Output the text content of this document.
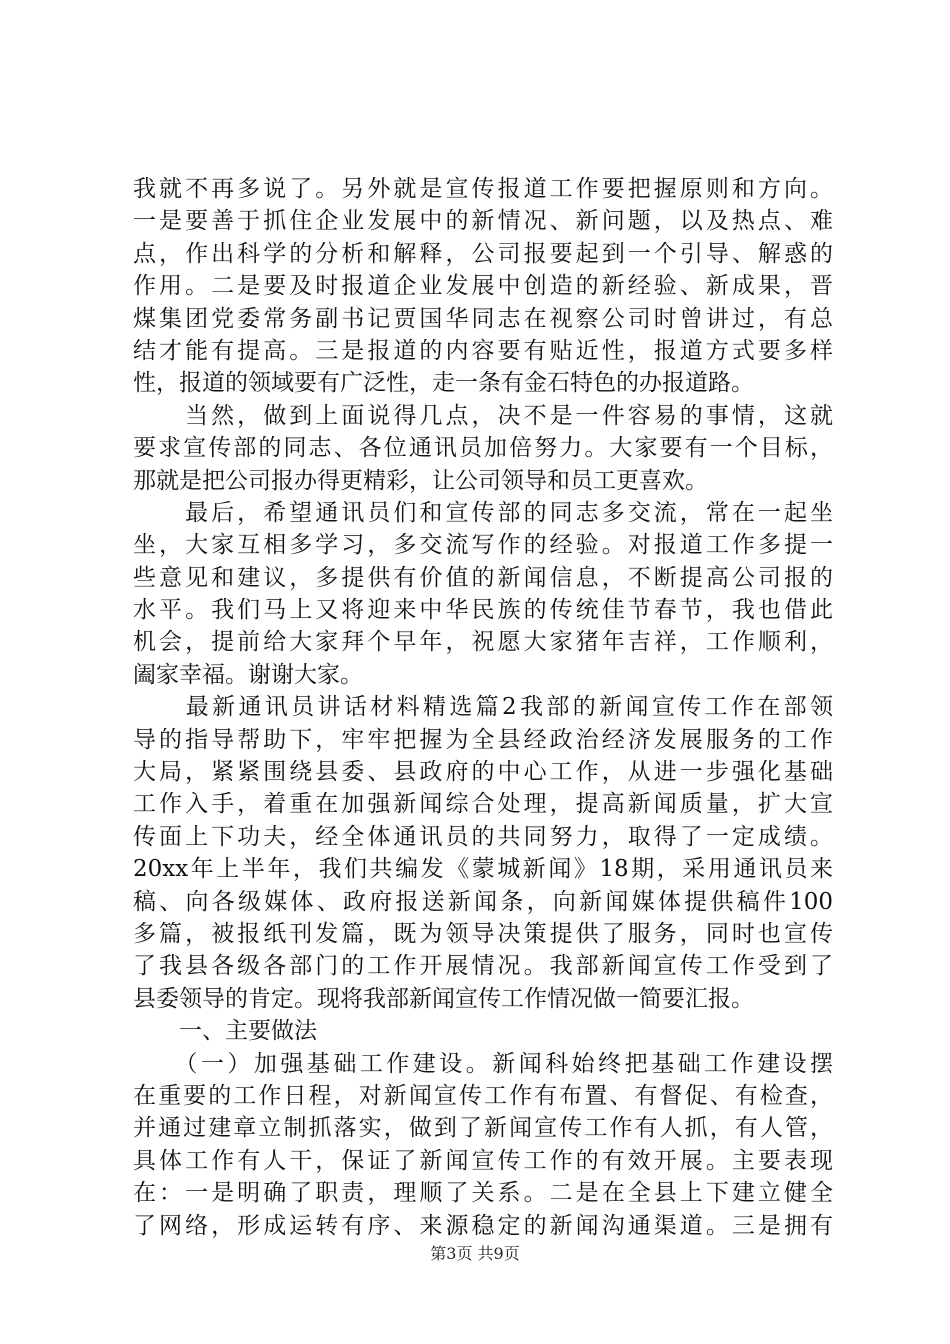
我就不再多说了。另外就是宣传报道工作要把握原则和方向。
一是要善于抓住企业发展中的新情况、新问题，以及热点、难
点，作出科学的分析和解释，公司报要起到一个引导、解惑的
作用。二是要及时报道企业发展中创造的新经验、新成果，晋
煤集团党委常务副书记贾国华同志在视察公司时曾讲过，有总
结才能有提高。三是报道的内容要有贴近性，报道方式要多样
性，报道的领域要有广泛性，走一条有金石特色的办报道路。
　　当然，做到上面说得几点，决不是一件容易的事情，这就
要求宣传部的同志、各位通讯员加倍努力。大家要有一个目标，
那就是把公司报办得更精彩，让公司领导和员工更喜欢。
　　最后，希望通讯员们和宣传部的同志多交流，常在一起坐
坐，大家互相多学习，多交流写作的经验。对报道工作多提一
些意见和建议，多提供有价值的新闻信息，不断提高公司报的
水平。我们马上又将迎来中华民族的传统佳节春节，我也借此
机会，提前给大家拜个早年，祝愿大家猪年吉祥，工作顺利，
阖家幸福。谢谢大家。
　　最新通讯员讲话材料精选篇2我部的新闻宣传工作在部领
导的指导帮助下，牢牢把握为全县经政治经济发展服务的工作
大局，紧紧围绕县委、县政府的中心工作，从进一步强化基础
工作入手，着重在加强新闻综合处理，提高新闻质量，扩大宣
传面上下功夫，经全体通讯员的共同努力，取得了一定成绩。
20xx年上半年，我们共编发《蒙城新闻》18期，采用通讯员来
稿、向各级媒体、政府报送新闻条，向新闻媒体提供稿件100
多篇，被报纸刊发篇，既为领导决策提供了服务，同时也宣传
了我县各级各部门的工作开展情况。我部新闻宣传工作受到了
县委领导的肯定。现将我部新闻宣传工作情况做一简要汇报。
　　一、主要做法
　　（一）加强基础工作建设。新闻科始终把基础工作建设摆
在重要的工作日程，对新闻宣传工作有布置、有督促、有检查，
并通过建章立制抓落实，做到了新闻宣传工作有人抓，有人管，
具体工作有人干，保证了新闻宣传工作的有效开展。主要表现
在：一是明确了职责，理顺了关系。二是在全县上下建立健全
了网络，形成运转有序、来源稳定的新闻沟通渠道。三是拥有
第3页 共9页
